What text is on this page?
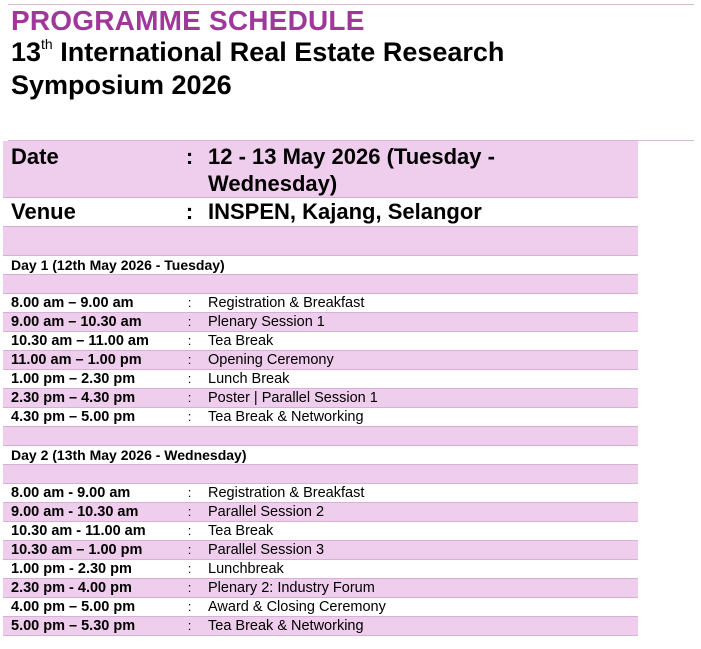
PROGRAMME SCHEDULE
13th International Real Estate Research
Symposium 2026
Date	: 12 - 13 May 2026 (Tuesday -
Wednesday)
Venue	: INSPEN, Kajang, Selangor
Day 1 (12th May 2026 - Tuesday)
8.00 am – 9.00 am	:	Registration & Breakfast
9.00 am – 10.30 am	:	Plenary Session 1
10.30 am – 11.00 am	:	Tea Break
11.00 am – 1.00 pm	:	Opening Ceremony
1.00 pm – 2.30 pm	:	Lunch Break
2.30 pm – 4.30 pm	:	Poster | Parallel Session 1
4.30 pm – 5.00 pm	:	Tea Break & Networking
Day 2 (13th May 2026 - Wednesday)
8.00 am - 9.00 am	:	Registration & Breakfast
9.00 am - 10.30 am	:	Parallel Session 2
10.30 am - 11.00 am	:	Tea Break
10.30 am – 1.00 pm	:	Parallel Session 3
1.00 pm - 2.30 pm	:	Lunchbreak
2.30 pm - 4.00 pm	:	Plenary 2: Industry Forum
4.00 pm – 5.00 pm	:	Award & Closing Ceremony
5.00 pm – 5.30 pm	:	Tea Break & Networking
